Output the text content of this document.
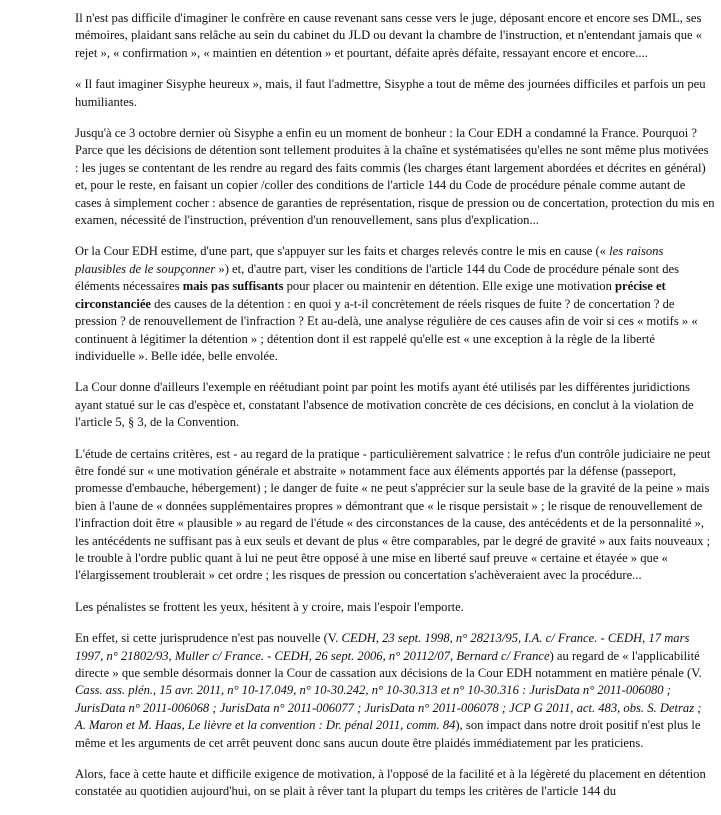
Il n'est pas difficile d'imaginer le confrère en cause revenant sans cesse vers le juge, déposant encore et encore ses DML, ses mémoires, plaidant sans relâche au sein du cabinet du JLD ou devant la chambre de l'instruction, et n'entendant jamais que « rejet », « confirmation », « maintien en détention » et pourtant, défaite après défaite, ressayant encore et encore....

« Il faut imaginer Sisyphe heureux », mais, il faut l'admettre, Sisyphe a tout de même des journées difficiles et parfois un peu humiliantes.

Jusqu'à ce 3 octobre dernier où Sisyphe a enfin eu un moment de bonheur : la Cour EDH a condamné la France. Pourquoi ? Parce que les décisions de détention sont tellement produites à la chaîne et systématisées qu'elles ne sont même plus motivées : les juges se contentant de les rendre au regard des faits commis (les charges étant largement abordées et décrites en général) et, pour le reste, en faisant un copier /coller des conditions de l'article 144 du Code de procédure pénale comme autant de cases à simplement cocher : absence de garanties de représentation, risque de pression ou de concertation, protection du mis en examen, nécessité de l'instruction, prévention d'un renouvellement, sans plus d'explication...

Or la Cour EDH estime, d'une part, que s'appuyer sur les faits et charges relevés contre le mis en cause (« les raisons plausibles de le soupçonner ») et, d'autre part, viser les conditions de l'article 144 du Code de procédure pénale sont des éléments nécessaires mais pas suffisants pour placer ou maintenir en détention. Elle exige une motivation précise et circonstanciée des causes de la détention : en quoi y a-t-il concrètement de réels risques de fuite ? de concertation ? de pression ? de renouvellement de l'infraction ? Et au-delà, une analyse régulière de ces causes afin de voir si ces « motifs » « continuent à légitimer la détention » ; détention dont il est rappelé qu'elle est « une exception à la règle de la liberté individuelle ». Belle idée, belle envolée.

La Cour donne d'ailleurs l'exemple en réétudiant point par point les motifs ayant été utilisés par les différentes juridictions ayant statué sur le cas d'espèce et, constatant l'absence de motivation concrète de ces décisions, en conclut à la violation de l'article 5, § 3, de la Convention.

L'étude de certains critères, est - au regard de la pratique - particulièrement salvatrice : le refus d'un contrôle judiciaire ne peut être fondé sur « une motivation générale et abstraite » notamment face aux éléments apportés par la défense (passeport, promesse d'embauche, hébergement) ; le danger de fuite « ne peut s'apprécier sur la seule base de la gravité de la peine » mais bien à l'aune de « données supplémentaires propres » démontrant que « le risque persistait » ; le risque de renouvellement de l'infraction doit être « plausible » au regard de l'étude « des circonstances de la cause, des antécédents et de la personnalité », les antécédents ne suffisant pas à eux seuls et devant de plus « être comparables, par le degré de gravité » aux faits nouveaux ; le trouble à l'ordre public quant à lui ne peut être opposé à une mise en liberté sauf preuve « certaine et étayée » que « l'élargissement troublerait » cet ordre ; les risques de pression ou concertation s'achèveraient avec la procédure...

Les pénalistes se frottent les yeux, hésitent à y croire, mais l'espoir l'emporte.

En effet, si cette jurisprudence n'est pas nouvelle (V. CEDH, 23 sept. 1998, n° 28213/95, I.A. c/ France. - CEDH, 17 mars 1997, n° 21802/93, Muller c/ France. - CEDH, 26 sept. 2006, n° 20112/07, Bernard c/ France) au regard de « l'applicabilité directe » que semble désormais donner la Cour de cassation aux décisions de la Cour EDH notamment en matière pénale (V. Cass. ass. plén., 15 avr. 2011, n° 10-17.049, n° 10-30.242, n° 10-30.313 et n° 10-30.316 : JurisData n° 2011-006080 ; JurisData n° 2011-006068 ; JurisData n° 2011-006077 ; JurisData n° 2011-006078 ; JCP G 2011, act. 483, obs. S. Detraz ; A. Maron et M. Haas, Le lièvre et la convention : Dr. pénal 2011, comm. 84), son impact dans notre droit positif n'est plus le même et les arguments de cet arrêt peuvent donc sans aucun doute être plaidés immédiatement par les praticiens.

Alors, face à cette haute et difficile exigence de motivation, à l'opposé de la facilité et à la légèreté du placement en détention constatée au quotidien aujourd'hui, on se plait à rêver tant la plupart du temps les critères de l'article 144 du
